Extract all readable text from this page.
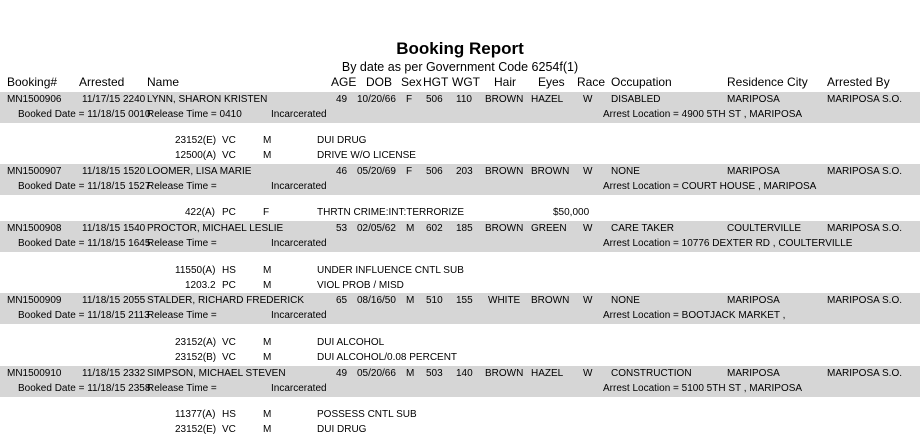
Booking Report
By date as per Government Code 6254f(1)
Booking# Arrested Name	AGE DOB Sex HGT WGT Hair Eyes Race Occupation	Residence City Arrested By
MN1500906 11/17/15 2240 LYNN, SHARON KRISTEN	49 10/20/66 F 506 110 BROWN HAZEL W DISABLED	MARIPOSA	MARIPOSA S.O.
Booked Date = 11/18/15 0010
Release Time = 0410	Incarcerated	Arrest Location = 4900 5TH ST , MARIPOSA
23152(E) VC	M	DUI DRUG
12500(A) VC	M	DRIVE W/O LICENSE
MN1500907 11/18/15 1520 LOOMER, LISA MARIE	46 05/20/69 F 506 203 BROWN BROWN W NONE	MARIPOSA	MARIPOSA S.O.
Booked Date = 11/18/15 1527
Release Time =	Incarcerated	Arrest Location = COURT HOUSE , MARIPOSA
422(A) PC	F	THRTN CRIME:INT:TERRORIZE	$50,000
MN1500908 11/18/15 1540 PROCTOR, MICHAEL LESLIE	53 02/05/62 M 602 185 BROWN GREEN W CARE TAKER	COULTERVILLE	MARIPOSA S.O.
Booked Date = 11/18/15 1645
Release Time =	Incarcerated	Arrest Location = 10776 DEXTER RD , COULTERVILLE
11550(A) HS	M	UNDER INFLUENCE CNTL SUB
1203.2 PC	M	VIOL PROB / MISD
MN1500909 11/18/15 2055 STALDER, RICHARD FREDERICK	65 08/16/50 M 510 155 WHITE BROWN W NONE	MARIPOSA	MARIPOSA S.O.
Booked Date = 11/18/15 2113
Release Time =	Incarcerated	Arrest Location = BOOTJACK MARKET ,
23152(A) VC	M	DUI ALCOHOL
23152(B) VC	M	DUI ALCOHOL/0.08 PERCENT
MN1500910 11/18/15 2332 SIMPSON, MICHAEL STEVEN	49 05/20/66 M 503 140 BROWN HAZEL W CONSTRUCTION	MARIPOSA	MARIPOSA S.O.
Booked Date = 11/18/15 2358
Release Time =	Incarcerated	Arrest Location = 5100 5TH ST , MARIPOSA
11377(A) HS	M	POSSESS CNTL SUB
23152(E) VC	M	DUI DRUG
